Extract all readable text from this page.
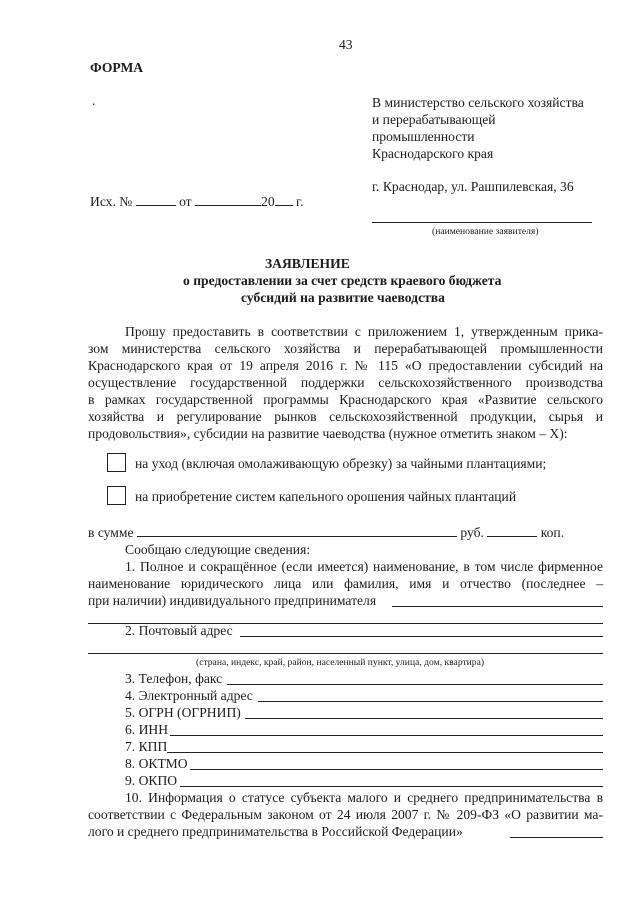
43

ФОРМА

.	В министерство сельского хозяйства

и перерабатывающей

промышленности

Краснодарского края

г. Краснодар, ул. Рашпилевская, 36

Исх. №	от	20 г.

(наименование заявителя)

ЗАЯВЛЕНИЕ

о предоставлении за счет средств краевого бюджета

субсидий на развитие чаеводства

Прошу предоставить в соответствии с приложением 1, утвержденным прика-

зом министерства сельского хозяйства и перерабатывающей промышленности

Краснодарского края от 19 апреля 2016 г. № 115 «О предоставлении субсидий на

осуществление государственной поддержки сельскохозяйственного производства

в рамках государственной программы Краснодарского края «Развитие сельского

хозяйства и регулирование рынков сельскохозяйственной продукции, сырья и

продовольствия», субсидии на развитие чаеводства (нужное отметить знаком – Х):

на уход (включая омолаживающую обрезку) за чайными плантациями;

на приобретение систем капельного орошения чайных плантаций

в сумме	руб.	коп.

Сообщаю следующие сведения:

1. Полное и сокращённое (если имеется) наименование, в том числе фирменное

наименование юридического лица или фамилия, имя и отчество (последнее –

при наличии) индивидуального предпринимателя

2. Почтовый адрес

(страна, индекс, край, район, населенный пункт, улица, дом, квартира)

3. Телефон, факс

4. Электронный адрес

5. ОГРН (ОГРНИП)

6. ИНН

7. КПП

8. ОКТМО

9. ОКПО

10. Информация о статусе субъекта малого и среднего предпринимательства в

соответствии с Федеральным законом от 24 июля 2007 г. № 209-ФЗ «О развитии ма-

лого и среднего предпринимательства в Российской Федерации»
